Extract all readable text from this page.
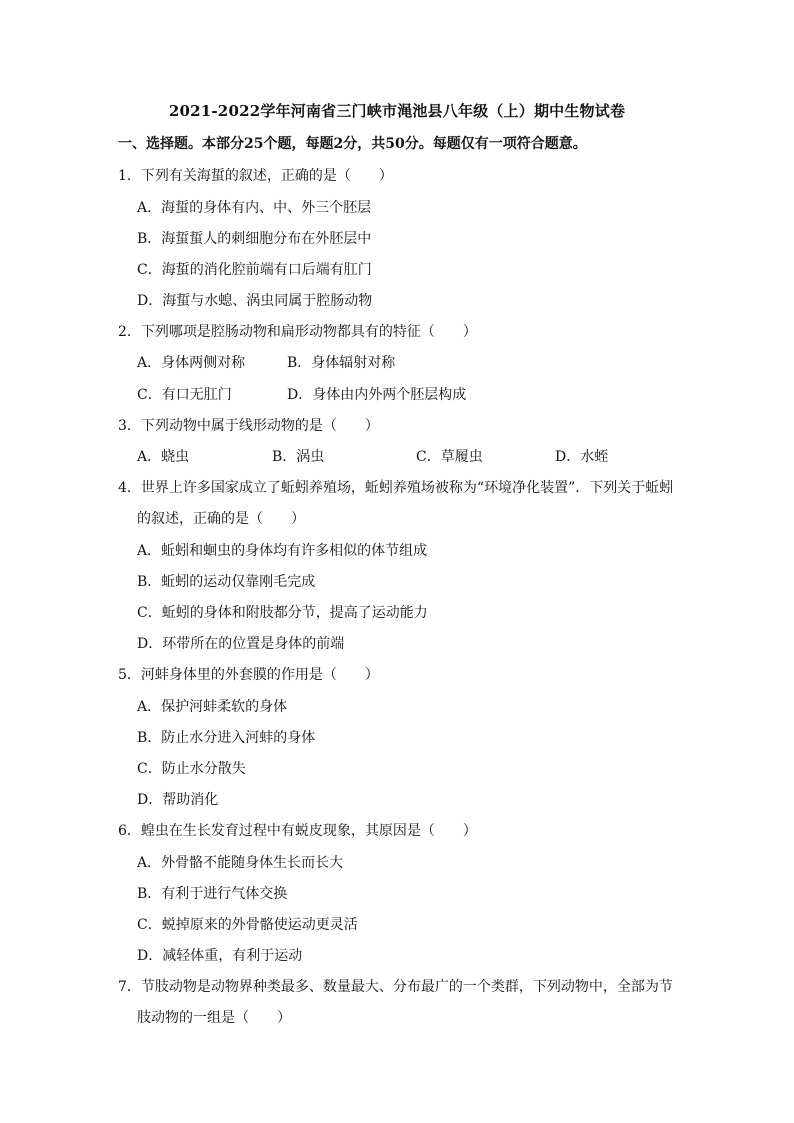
2021-2022学年河南省三门峡市渑池县八年级（上）期中生物试卷
一、选择题。本部分25个题，每题2分，共50分。每题仅有一项符合题意。
1．下列有关海蜇的叙述，正确的是（　　）
A．海蜇的身体有内、中、外三个胚层
B．海蜇蜇人的刺细胞分布在外胚层中
C．海蜇的消化腔前端有口后端有肛门
D．海蜇与水螅、涡虫同属于腔肠动物
2．下列哪项是腔肠动物和扁形动物都具有的特征（　　）
A．身体两侧对称	B．身体辐射对称
C．有口无肛门	D．身体由内外两个胚层构成
3．下列动物中属于线形动物的是（　　）
A．蛲虫	B．涡虫	C．草履虫	D．水蛭
4．世界上许多国家成立了蚯蚓养殖场，蚯蚓养殖场被称为“环境净化装置”．下列关于蚯蚓
的叙述，正确的是（　　）
A．蚯蚓和蛔虫的身体均有许多相似的体节组成
B．蚯蚓的运动仅靠刚毛完成
C．蚯蚓的身体和附肢都分节，提高了运动能力
D．环带所在的位置是身体的前端
5．河蚌身体里的外套膜的作用是（　　）
A．保护河蚌柔软的身体
B．防止水分进入河蚌的身体
C．防止水分散失
D．帮助消化
6．蝗虫在生长发育过程中有蜕皮现象，其原因是（　　）
A．外骨骼不能随身体生长而长大
B．有利于进行气体交换
C．蜕掉原来的外骨骼使运动更灵活
D．减轻体重，有利于运动
7．节肢动物是动物界种类最多、数量最大、分布最广的一个类群，下列动物中，全部为节
肢动物的一组是（　　）
